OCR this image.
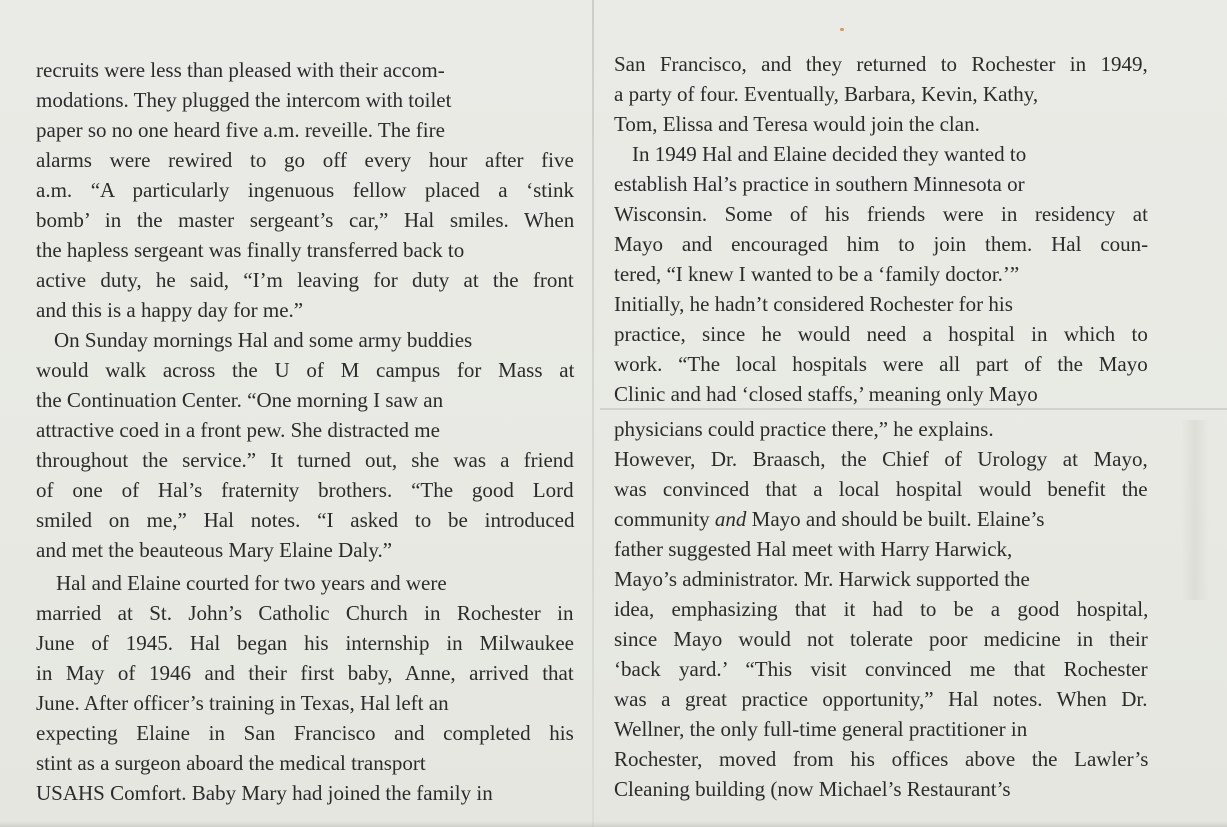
recruits were less than pleased with their accom-

modations. They plugged the intercom with toilet

paper so no one heard five a.m. reveille. The fire

alarms were rewired to go off every hour after five

a.m. “A particularly ingenuous fellow placed a ‘stink

bomb’ in the master sergeant’s car,” Hal smiles. When

the hapless sergeant was finally transferred back to

active duty, he said, “I’m leaving for duty at the front

and this is a happy day for me.”

On Sunday mornings Hal and some army buddies

would walk across the U of M campus for Mass at

the Continuation Center. “One morning I saw an

attractive coed in a front pew. She distracted me

throughout the service.” It turned out, she was a friend

of one of Hal’s fraternity brothers. “The good Lord

smiled on me,” Hal notes. “I asked to be introduced

and met the beauteous Mary Elaine Daly.”

Hal and Elaine courted for two years and were

married at St. John’s Catholic Church in Rochester in

June of 1945. Hal began his internship in Milwaukee

in May of 1946 and their first baby, Anne, arrived that

June. After officer’s training in Texas, Hal left an

expecting Elaine in San Francisco and completed his

stint as a surgeon aboard the medical transport

USAHS Comfort. Baby Mary had joined the family in

San Francisco, and they returned to Rochester in 1949,

a party of four. Eventually, Barbara, Kevin, Kathy,

Tom, Elissa and Teresa would join the clan.

In 1949 Hal and Elaine decided they wanted to

establish Hal’s practice in southern Minnesota or

Wisconsin. Some of his friends were in residency at

Mayo and encouraged him to join them. Hal coun-

tered, “I knew I wanted to be a ‘family doctor.’”

Initially, he hadn’t considered Rochester for his

practice, since he would need a hospital in which to

work. “The local hospitals were all part of the Mayo

Clinic and had ‘closed staffs,’ meaning only Mayo

physicians could practice there,” he explains.

However, Dr. Braasch, the Chief of Urology at Mayo,

was convinced that a local hospital would benefit the

community and Mayo and should be built. Elaine’s

father suggested Hal meet with Harry Harwick,

Mayo’s administrator. Mr. Harwick supported the

idea, emphasizing that it had to be a good hospital,

since Mayo would not tolerate poor medicine in their

‘back yard.’ “This visit convinced me that Rochester

was a great practice opportunity,” Hal notes. When Dr.

Wellner, the only full-time general practitioner in

Rochester, moved from his offices above the Lawler’s

Cleaning building (now Michael’s Restaurant’s
